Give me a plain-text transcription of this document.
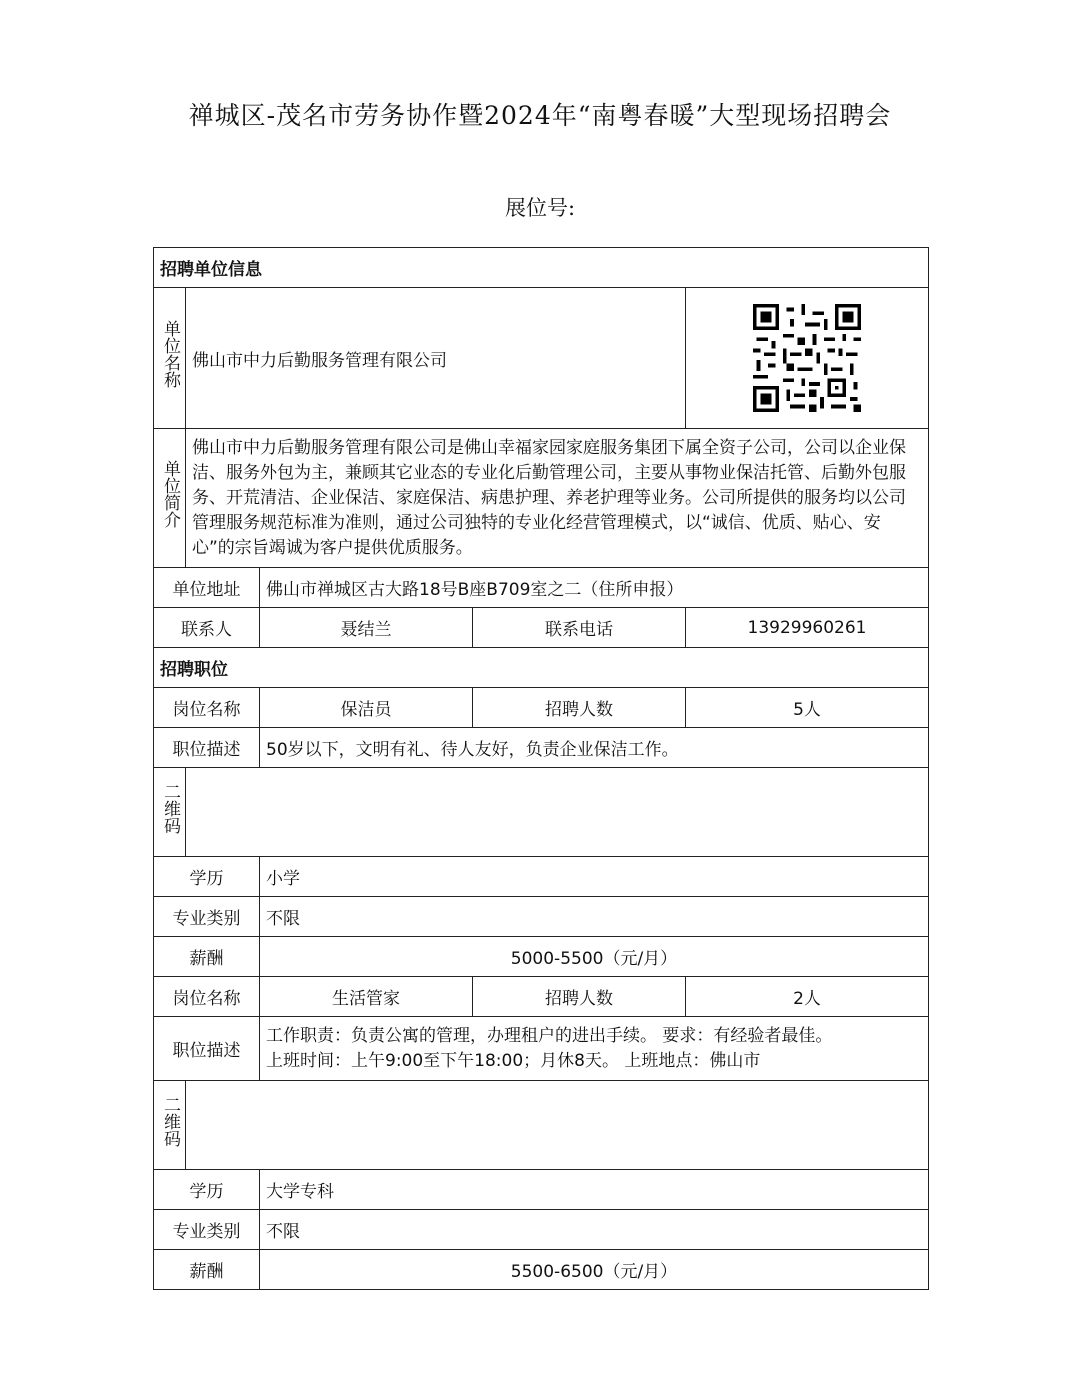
禅城区-茂名市劳务协作暨2024年“南粤春暖”大型现场招聘会
展位号:
招聘单位信息				
单位名称	佛山市中力后勤服务管理有限公司	
单位简介	佛山市中力后勤服务管理有限公司是佛山幸福家园家庭服务集团下属全资子公司，公司以企业保洁、服务外包为主，兼顾其它业态的专业化后勤管理公司，主要从事物业保洁托管、后勤外包服务、开荒清洁、企业保洁、家庭保洁、病患护理、养老护理等业务。公司所提供的服务均以公司管理服务规范标准为准则，通过公司独特的专业化经营管理模式，以“诚信、优质、贴心、安心”的宗旨竭诚为客户提供优质服务。			
单位地址		佛山市禅城区古大路18号B座B709室之二（住所申报）		
联系人		聂结兰	联系电话	13929960261
招聘职位				
岗位名称		保洁员	招聘人数	5人
职位描述		50岁以下，文明有礼、待人友好，负责企业保洁工作。		
二维码				
学历		小学		
专业类别		不限		
薪酬		5000-5500（元/月）		
岗位名称		生活管家	招聘人数	2人
职位描述		工作职责：负责公寓的管理，办理租户的进出手续。 要求：有经验者最佳。
上班时间：上午9:00至下午18:00；月休8天。 上班地点：佛山市		
二维码				
学历		大学专科		
专业类别		不限		
薪酬		5500-6500（元/月）		
